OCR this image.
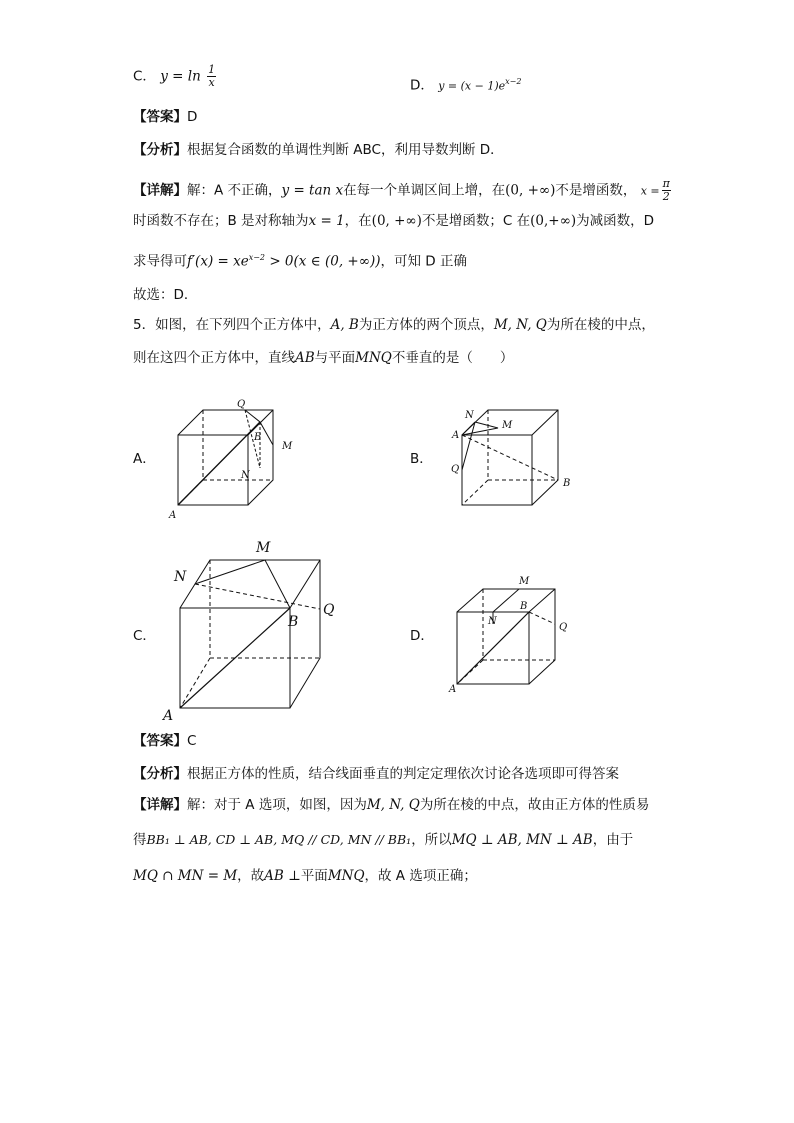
C． $y = \ln \frac{1}{x}$	D． $y = (x - 1)e^{x-2}$
【答案】D
【分析】根据复合函数的单调性判断 ABC，利用导数判断 D．
【详解】解：A 不正确，y = tan x在每一个单调区间上增，在(0, +∞)不是增函数， $x = \frac{\pi}{2}$
时函数不存在；B 是对称轴为x = 1，在(0, +∞)不是增函数；C 在(0,+∞)为减函数，D
求导得可$f'(x) = xe^{x-2} > 0(x$ ∈ (0, +∞))，可知 D 正确
故选：D．
5．如图，在下列四个正方体中，A, B为正方体的两个顶点，M, N, Q为所在棱的中点，
则在这四个正方体中，直线AB与平面MNQ不垂直的是（　　）
A．
Q
B
M
N
A
B．
N
M
A
Q
B
C．
M
N
Q
B
A
D．
M
B
N
Q
A
【答案】C
【分析】根据正方体的性质，结合线面垂直的判定定理依次讨论各选项即可得答案
【详解】解：对于 A 选项，如图，因为M, N, Q为所在棱的中点，故由正方体的性质易
得BB₁ ⊥ AB, CD ⊥ AB, MQ // CD, MN // BB₁，所以MQ ⊥ AB, MN ⊥ AB，由于
MQ ∩ MN = M，故AB ⊥平面MNQ，故 A 选项正确；
